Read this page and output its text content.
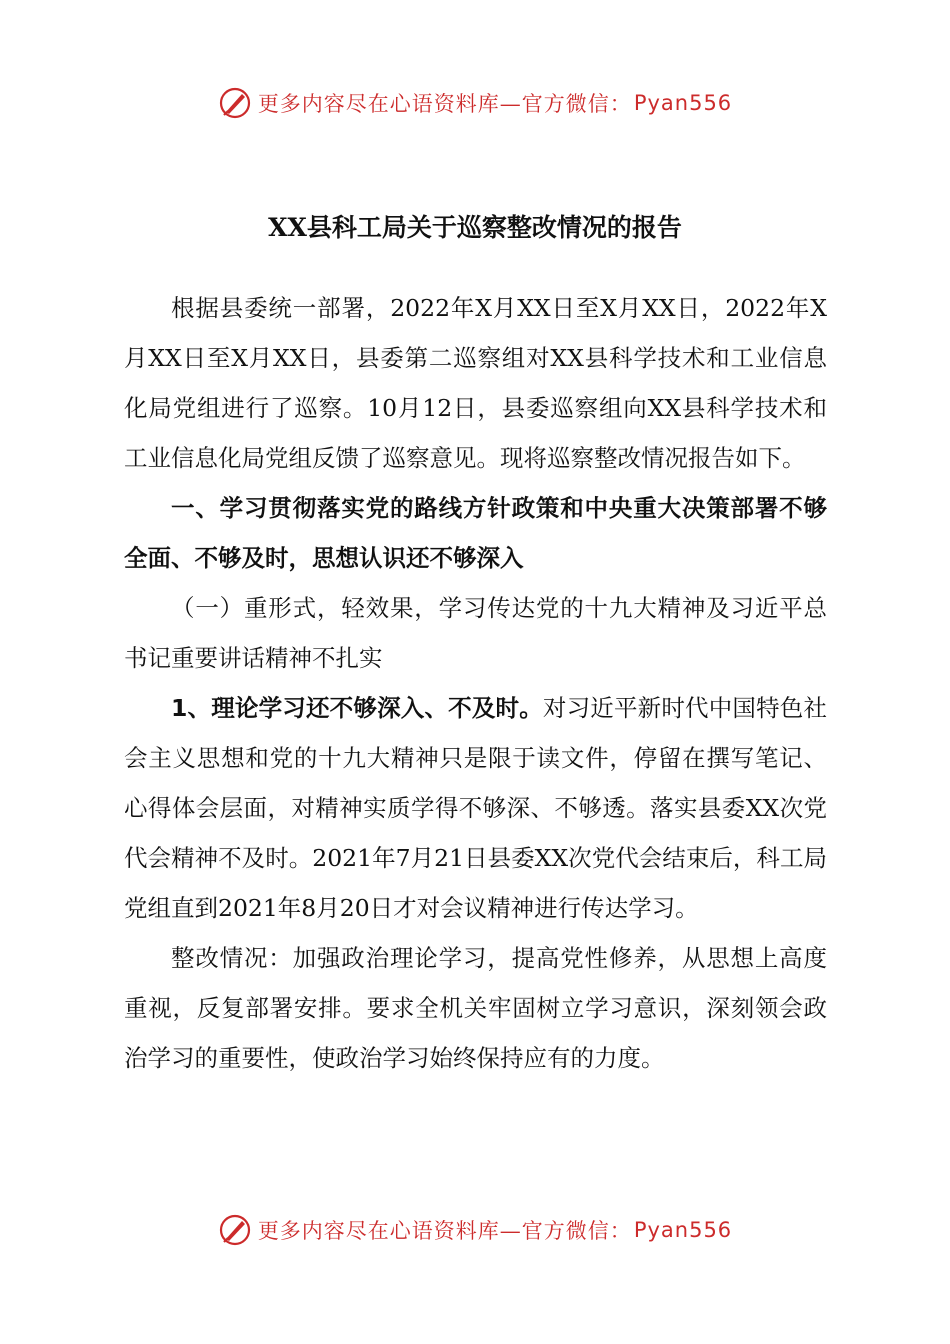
更多内容尽在心语资料库—官方微信： Pyan556
XX县科工局关于巡察整改情况的报告

根据县委统一部署，2022年X月XX日至X月XX日，2022年X月XX日至X月XX日，县委第二巡察组对XX县科学技术和工业信息化局党组进行了巡察。10月12日，县委巡察组向XX县科学技术和工业信息化局党组反馈了巡察意见。现将巡察整改情况报告如下。

一、学习贯彻落实党的路线方针政策和中央重大决策部署不够全面、不够及时，思想认识还不够深入

（一）重形式，轻效果，学习传达党的十九大精神及习近平总书记重要讲话精神不扎实

1、理论学习还不够深入、不及时。对习近平新时代中国特色社会主义思想和党的十九大精神只是限于读文件，停留在撰写笔记、心得体会层面，对精神实质学得不够深、不够透。落实县委XX次党代会精神不及时。2021年7月21日县委XX次党代会结束后，科工局党组直到2021年8月20日才对会议精神进行传达学习。

整改情况：加强政治理论学习，提高党性修养，从思想上高度重视，反复部署安排。要求全机关牢固树立学习意识，深刻领会政治学习的重要性，使政治学习始终保持应有的力度。

更多内容尽在心语资料库—官方微信： Pyan556
